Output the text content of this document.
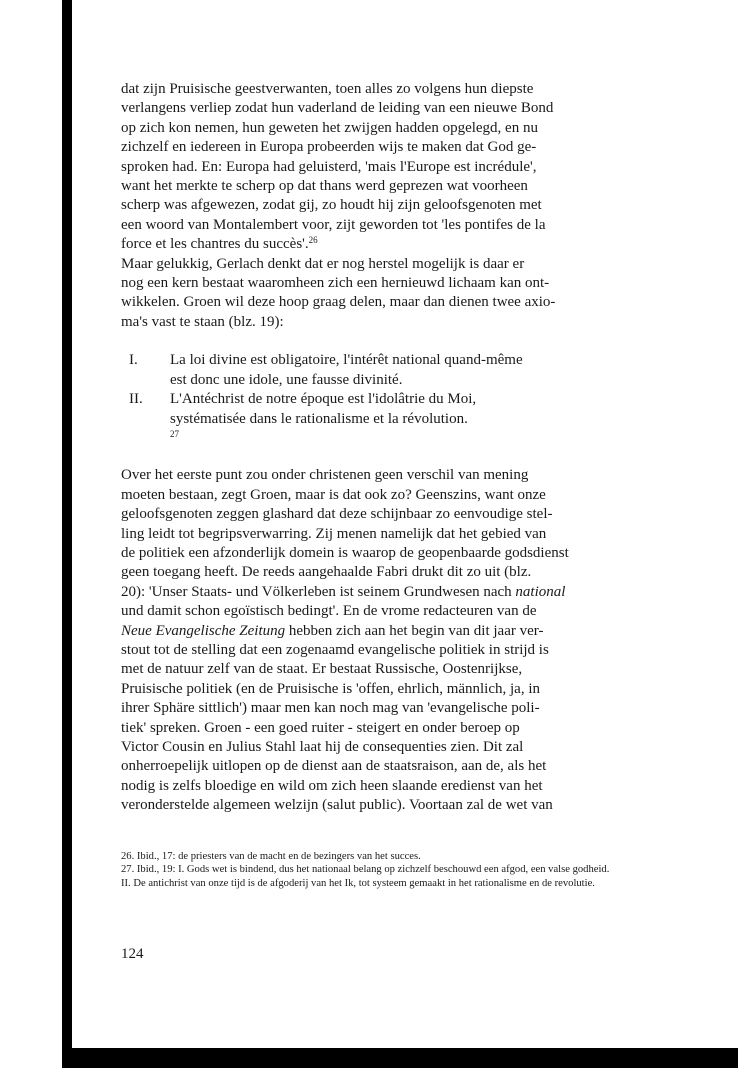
dat zijn Pruisische geestverwanten, toen alles zo volgens hun diepste
verlangens verliep zodat hun vaderland de leiding van een nieuwe Bond
op zich kon nemen, hun geweten het zwijgen hadden opgelegd, en nu
zichzelf en iedereen in Europa probeerden wijs te maken dat God ge-
sproken had. En: Europa had geluisterd, 'mais l'Europe est incrédule',
want het merkte te scherp op dat thans werd geprezen wat voorheen
scherp was afgewezen, zodat gij, zo houdt hij zijn geloofsgenoten met
een woord van Montalembert voor, zijt geworden tot 'les pontifes de la
force et les chantres du succès'.$^{26}$

Maar gelukkig, Gerlach denkt dat er nog herstel mogelijk is daar er
nog een kern bestaat waaromheen zich een hernieuwd lichaam kan ont-
wikkelen. Groen wil deze hoop graag delen, maar dan dienen twee axio-
ma's vast te staan (blz. 19):

I.	La loi divine est obligatoire, l'intérêt national quand-même
est donc une idole, une fausse divinité.
II.	L'Antéchrist de notre époque est l'idolâtrie du Moi,
systématisée dans le rationalisme et la révolution.
$^{27}$

Over het eerste punt zou onder christenen geen verschil van mening
moeten bestaan, zegt Groen, maar is dat ook zo? Geenszins, want onze
geloofsgenoten zeggen glashard dat deze schijnbaar zo eenvoudige stel-
ling leidt tot begripsverwarring. Zij menen namelijk dat het gebied van
de politiek een afzonderlijk domein is waarop de geopenbaarde godsdienst
geen toegang heeft. De reeds aangehaalde Fabri drukt dit zo uit (blz.
20): 'Unser Staats- und Völkerleben ist seinem Grundwesen nach national
und damit schon egoïstisch bedingt'. En de vrome redacteuren van de
Neue Evangelische Zeitung hebben zich aan het begin van dit jaar ver-
stout tot de stelling dat een zogenaamd evangelische politiek in strijd is
met de natuur zelf van de staat. Er bestaat Russische, Oostenrijkse,
Pruisische politiek (en de Pruisische is 'offen, ehrlich, männlich, ja, in
ihrer Sphäre sittlich') maar men kan noch mag van 'evangelische poli-
tiek' spreken. Groen - een goed ruiter - steigert en onder beroep op
Victor Cousin en Julius Stahl laat hij de consequenties zien. Dit zal
onherroepelijk uitlopen op de dienst aan de staatsraison, aan de, als het
nodig is zelfs bloedige en wild om zich heen slaande eredienst van het
veronderstelde algemeen welzijn (salut public). Voortaan zal de wet van

26. Ibid., 17: de priesters van de macht en de bezingers van het succes.

27. Ibid., 19: I. Gods wet is bindend, dus het nationaal belang op zichzelf beschouwd een afgod, een valse godheid.

II. De antichrist van onze tijd is de afgoderij van het Ik, tot systeem gemaakt in het rationalisme en de revolutie.

124
